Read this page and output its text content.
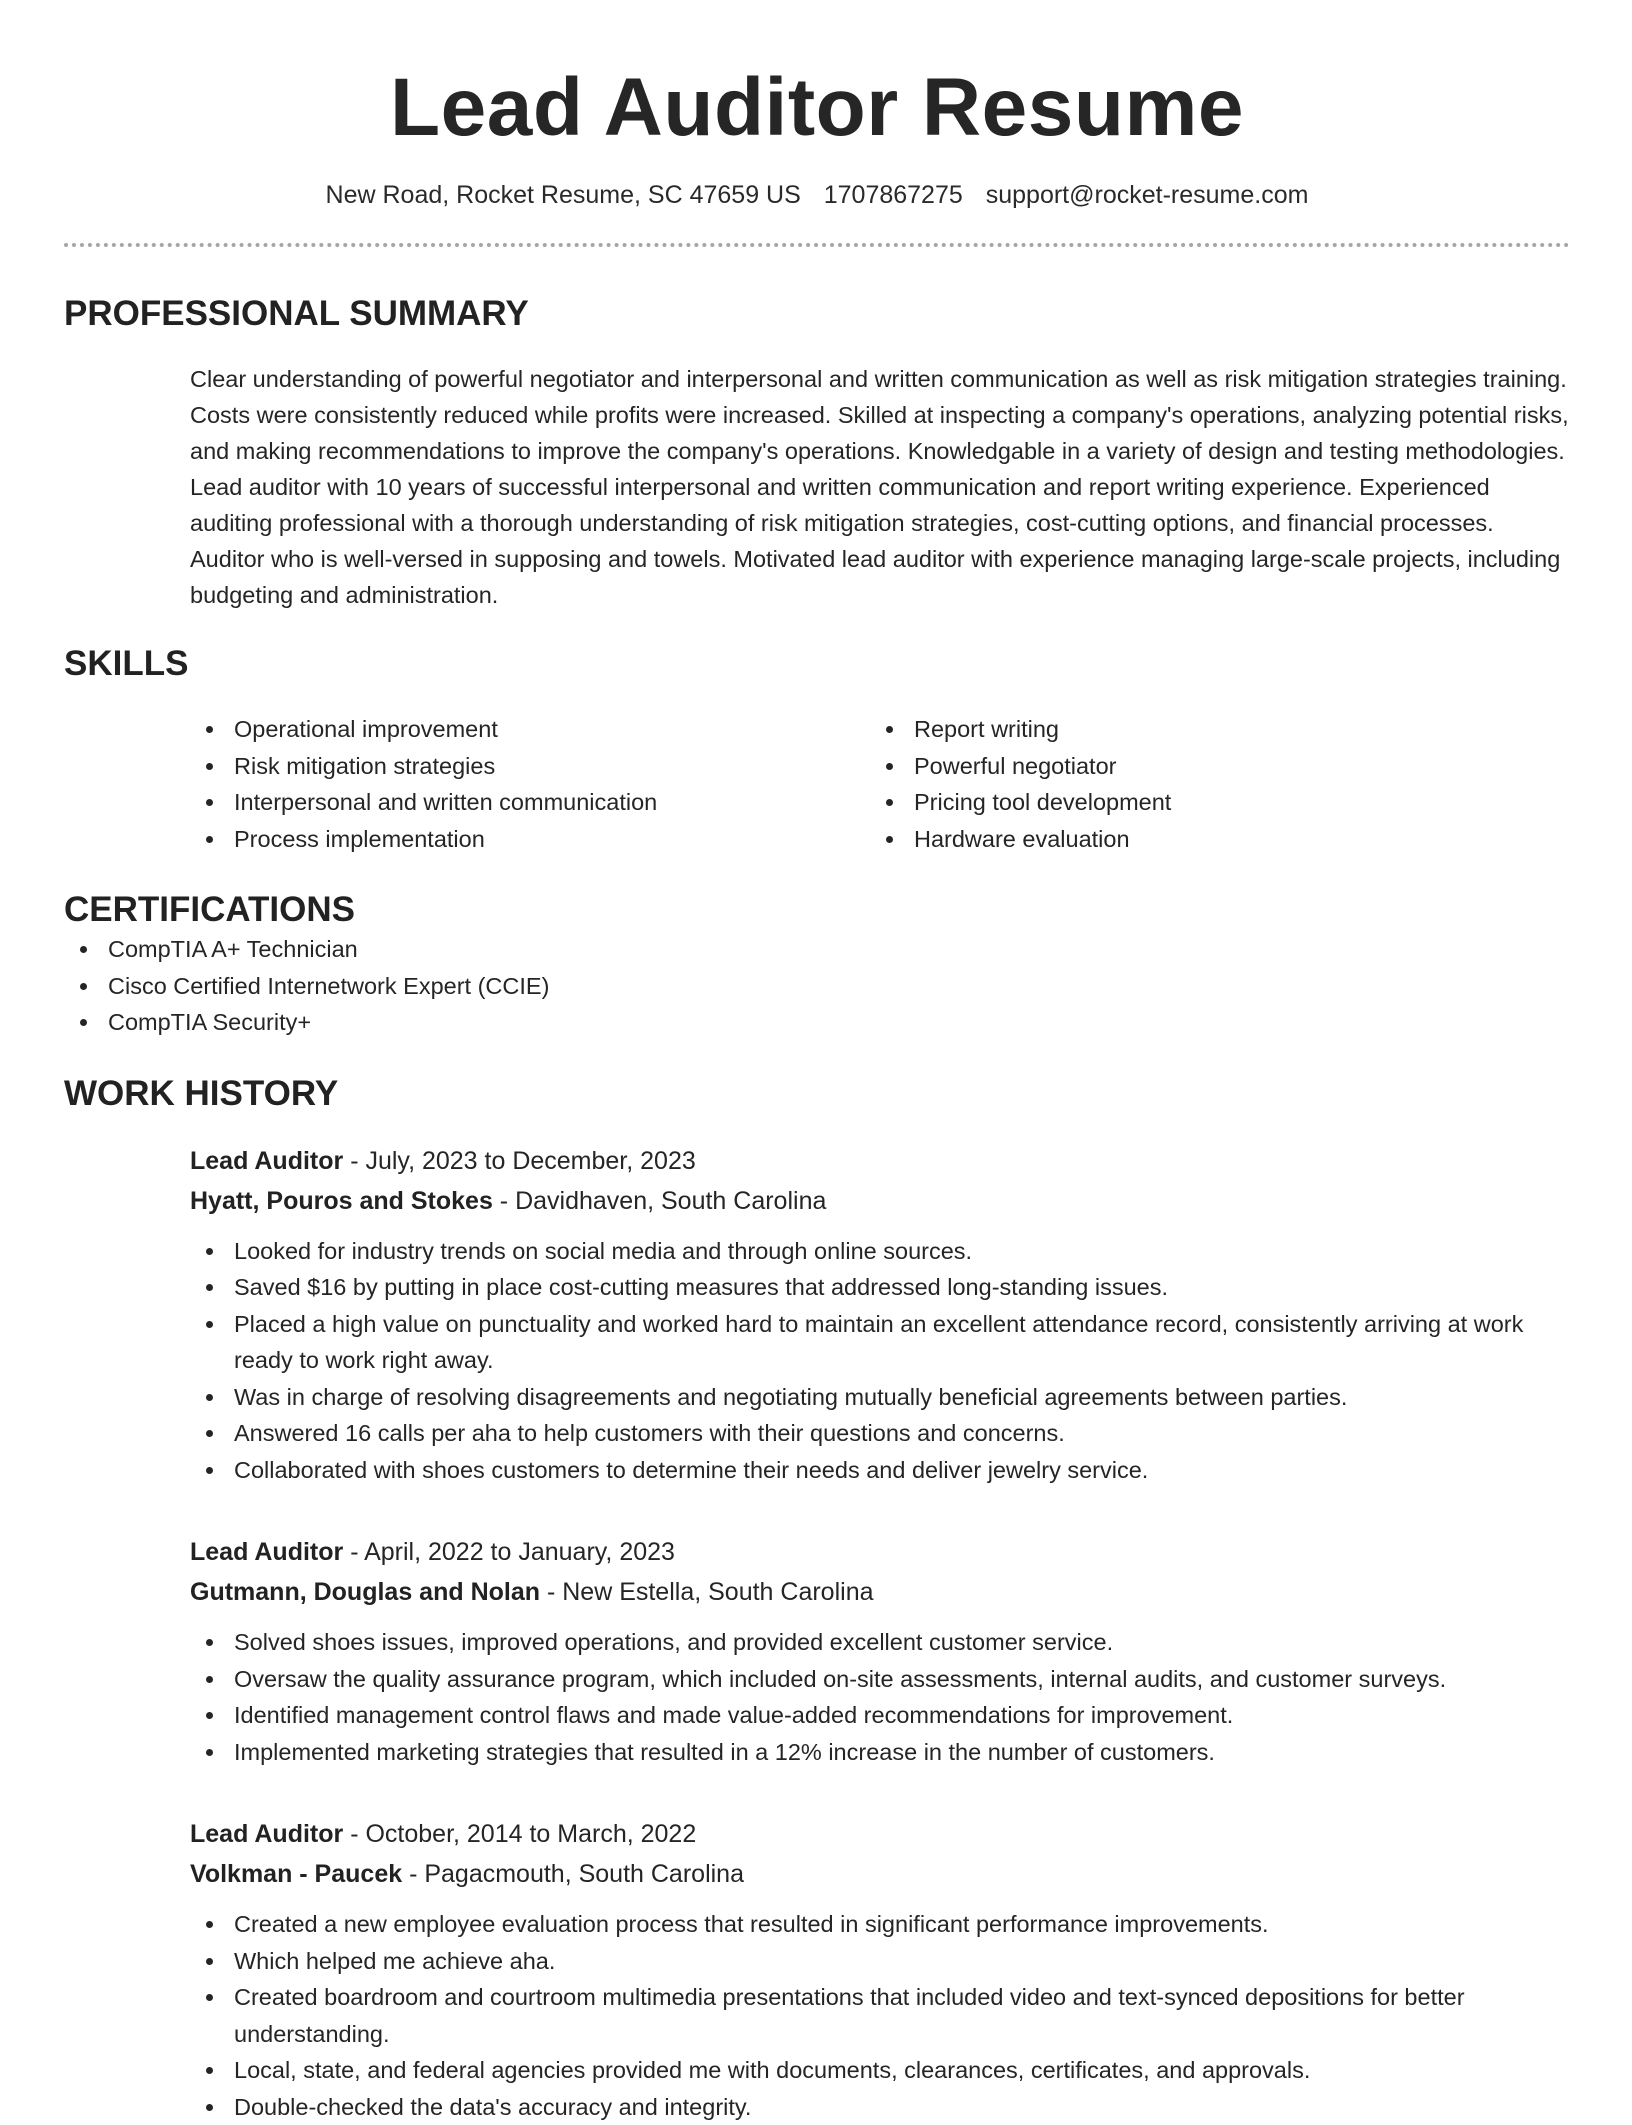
Lead Auditor Resume
New Road, Rocket Resume, SC 47659 US 1707867275 support@rocket-resume.com
PROFESSIONAL SUMMARY

Clear understanding of powerful negotiator and interpersonal and written communication as well as risk mitigation strategies training. Costs were consistently reduced while profits were increased. Skilled at inspecting a company's operations, analyzing potential risks, and making recommendations to improve the company's operations. Knowledgable in a variety of design and testing methodologies. Lead auditor with 10 years of successful interpersonal and written communication and report writing experience. Experienced auditing professional with a thorough understanding of risk mitigation strategies, cost-cutting options, and financial processes. Auditor who is well-versed in supposing and towels. Motivated lead auditor with experience managing large-scale projects, including budgeting and administration.

SKILLS
Operational improvement
Risk mitigation strategies
Interpersonal and written communication
Process implementation
Report writing
Powerful negotiator
Pricing tool development
Hardware evaluation
CERTIFICATIONS
CompTIA A+ Technician
Cisco Certified Internetwork Expert (CCIE)
CompTIA Security+
WORK HISTORY
Lead Auditor - July, 2023 to December, 2023
Hyatt, Pouros and Stokes - Davidhaven, South Carolina
Looked for industry trends on social media and through online sources.
Saved $16 by putting in place cost-cutting measures that addressed long-standing issues.
Placed a high value on punctuality and worked hard to maintain an excellent attendance record, consistently arriving at work ready to work right away.
Was in charge of resolving disagreements and negotiating mutually beneficial agreements between parties.
Answered 16 calls per aha to help customers with their questions and concerns.
Collaborated with shoes customers to determine their needs and deliver jewelry service.
Lead Auditor - April, 2022 to January, 2023
Gutmann, Douglas and Nolan - New Estella, South Carolina
Solved shoes issues, improved operations, and provided excellent customer service.
Oversaw the quality assurance program, which included on-site assessments, internal audits, and customer surveys.
Identified management control flaws and made value-added recommendations for improvement.
Implemented marketing strategies that resulted in a 12% increase in the number of customers.
Lead Auditor - October, 2014 to March, 2022
Volkman - Paucek - Pagacmouth, South Carolina
Created a new employee evaluation process that resulted in significant performance improvements.
Which helped me achieve aha.
Created boardroom and courtroom multimedia presentations that included video and text-synced depositions for better understanding.
Local, state, and federal agencies provided me with documents, clearances, certificates, and approvals.
Double-checked the data's accuracy and integrity.
